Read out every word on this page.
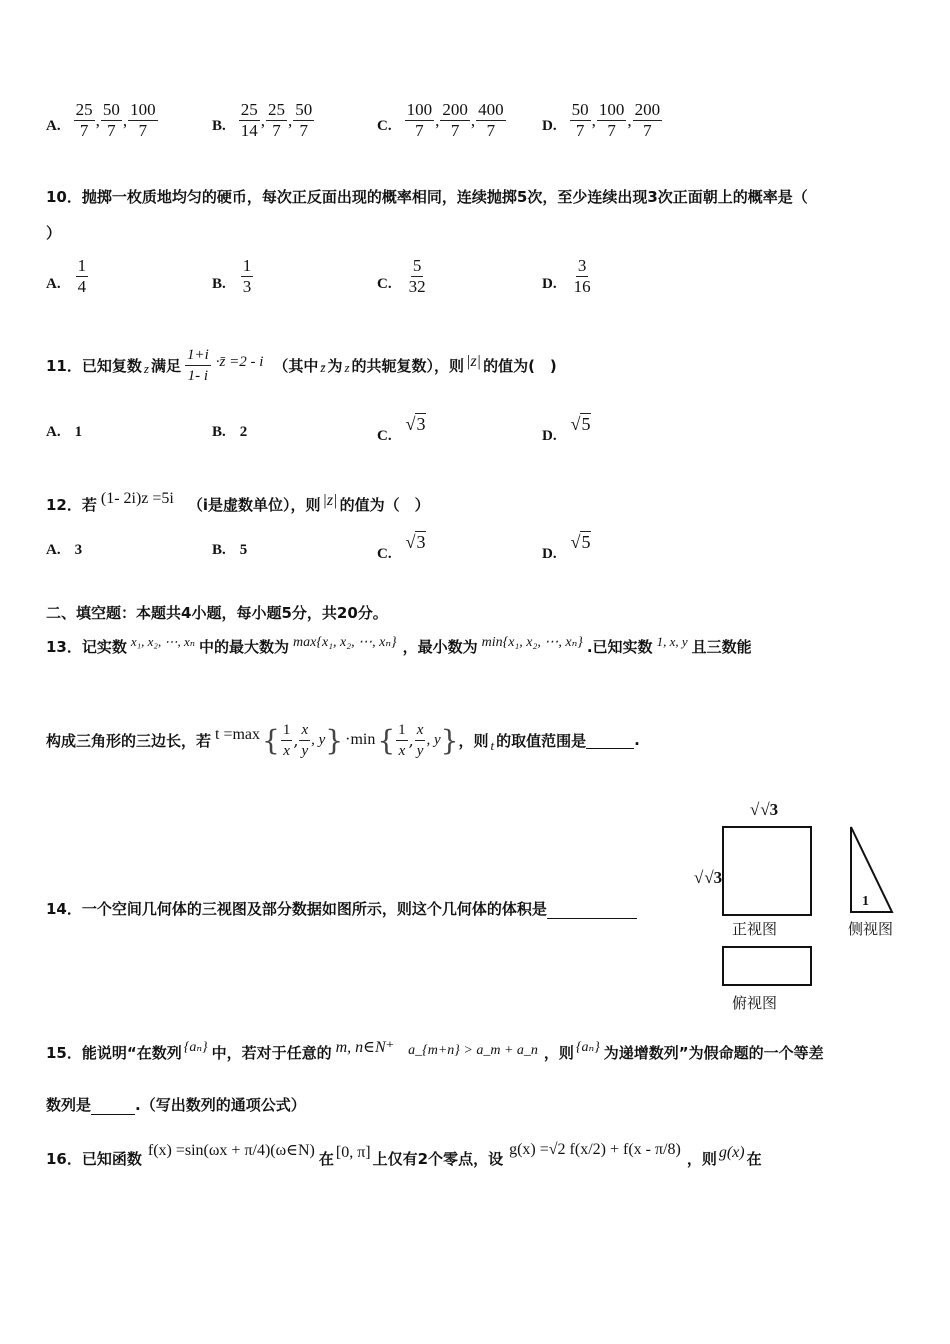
A. $\frac{25}{7}$ , $\frac{50}{7}$ , $\frac{100}{7}$	B. $\frac{25}{14}$ , $\frac{25}{7}$ , $\frac{50}{7}$	C. $\frac{100}{7}$ , $\frac{200}{7}$ , $\frac{400}{7} D$. $\frac{50}{7}$ , $\frac{100}{7}$ , $\frac{200}{7}$
10．抛掷一枚质地均匀的硬币，每次正反面出现的概率相同，连续抛掷5次，至少连续出现3次正面朝上的概率是（
）
A. $\frac{1}{4}$	B. $\frac{1}{3}$	C. $\frac{5}{32}$	D. $\frac{3}{16}$
11．已知复数 z 满足 $\frac{1+i}{1- i}$ ·z̄ =2 - i （其中 z̄ 为 z 的共轭复数），则 |z| 的值为(　)
A. 1	B. 2	C.
√3
D.
√5
12．若 (1- 2i)z =5i （i是虚数单位），则 |z| 的值为（　）
A. 3	B. 5	C.
√3
D.
√5
二、填空题：本题共4小题，每小题5分，共20分。
13．记实数 x₁, x₂, ⋯, xₙ 中的最大数为 max{x₁, x₂, ⋯, xₙ} ，最小数为 min{x₁, x₂, ⋯, xₙ} .已知实数 1, x, y 且三数能
构成三角形的三边长，若 t =max { $\frac{1}{x}$ , $\frac{x}{y}$ , y } ·min { $\frac{1}{x}$ , $\frac{x}{y}$ , y } ，则 t 的取值范围是	.
14．一个空间几何体的三视图及部分数据如图所示，则这个几何体的体积是
√√3
√√3
正视图
1
侧视图
俯视图
15．能说明“在数列 {aₙ} 中，若对于任意的 m, n∈N⁺ a_{m+n} > a_m + a_n ，则 {aₙ} 为递增数列”为假命题的一个等差
数列是	.（写出数列的通项公式）
16．已知函数 f(x) =sin(ωx + π/4)(ω∈N) 在 [0, π] 上仅有2个零点，设 g(x) =√2 f(x/2) + f(x - π/8) ，则 g(x) 在
